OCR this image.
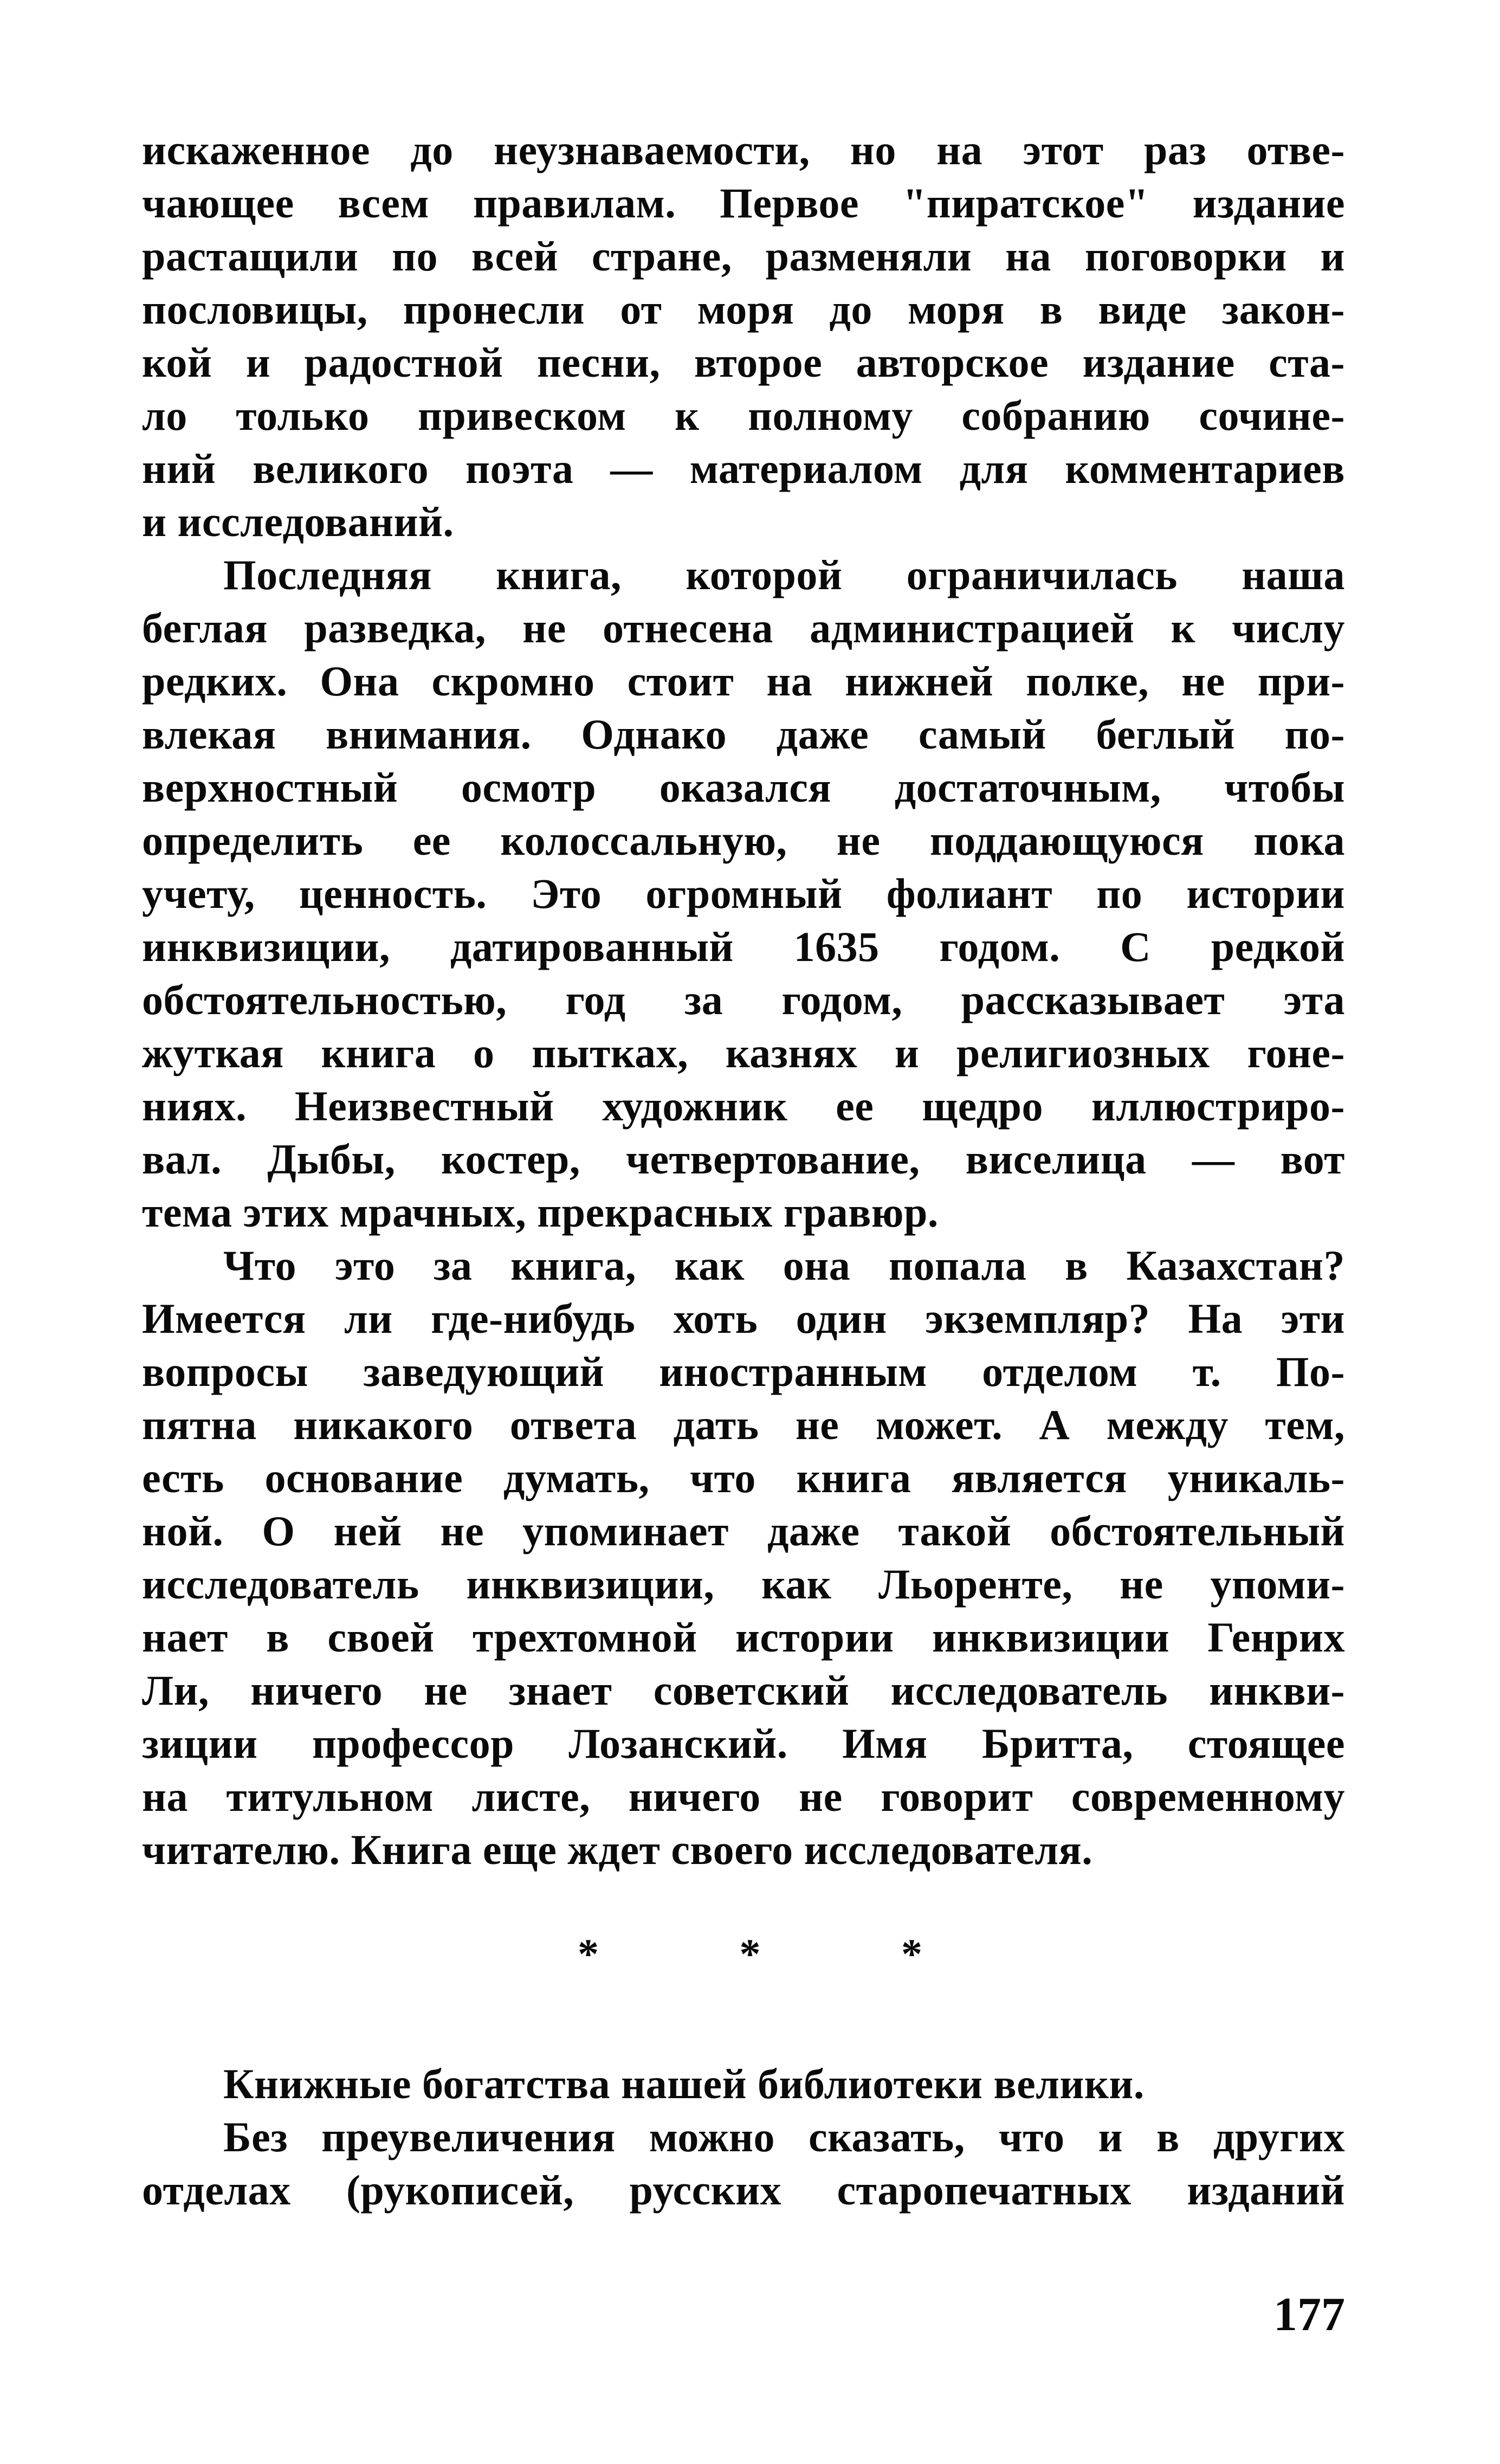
искаженное до неузнаваемости, но на этот раз отве-
чающее всем правилам. Первое "пиратское" издание
растащили по всей стране, разменяли на поговорки и
пословицы, пронесли от моря до моря в виде закон-
кой и радостной песни, второе авторское издание ста-
ло только привеском к полному собранию сочине-
ний великого поэта — материалом для комментариев
и исследований.
Последняя книга, которой ограничилась наша
беглая разведка, не отнесена администрацией к числу
редких. Она скромно стоит на нижней полке, не при-
влекая внимания. Однако даже самый беглый по-
верхностный осмотр оказался достаточным, чтобы
определить ее колоссальную, не поддающуюся пока
учету, ценность. Это огромный фолиант по истории
инквизиции, датированный 1635 годом. С редкой
обстоятельностью, год за годом, рассказывает эта
жуткая книга о пытках, казнях и религиозных гоне-
ниях. Неизвестный художник ее щедро иллюстриро-
вал. Дыбы, костер, четвертование, виселица — вот
тема этих мрачных, прекрасных гравюр.
Что это за книга, как она попала в Казахстан?
Имеется ли где-нибудь хоть один экземпляр? На эти
вопросы заведующий иностранным отделом т. По-
пятна никакого ответа дать не может. А между тем,
есть основание думать, что книга является уникаль-
ной. О ней не упоминает даже такой обстоятельный
исследователь инквизиции, как Льоренте, не упоми-
нает в своей трехтомной истории инквизиции Генрих
Ли, ничего не знает советский исследователь инкви-
зиции профессор Лозанский. Имя Бритта, стоящее
на титульном листе, ничего не говорит современному
читателю. Книга еще ждет своего исследователя.
* * *
Книжные богатства нашей библиотеки велики.
Без преувеличения можно сказать, что и в других
отделах (рукописей, русских старопечатных изданий
177
